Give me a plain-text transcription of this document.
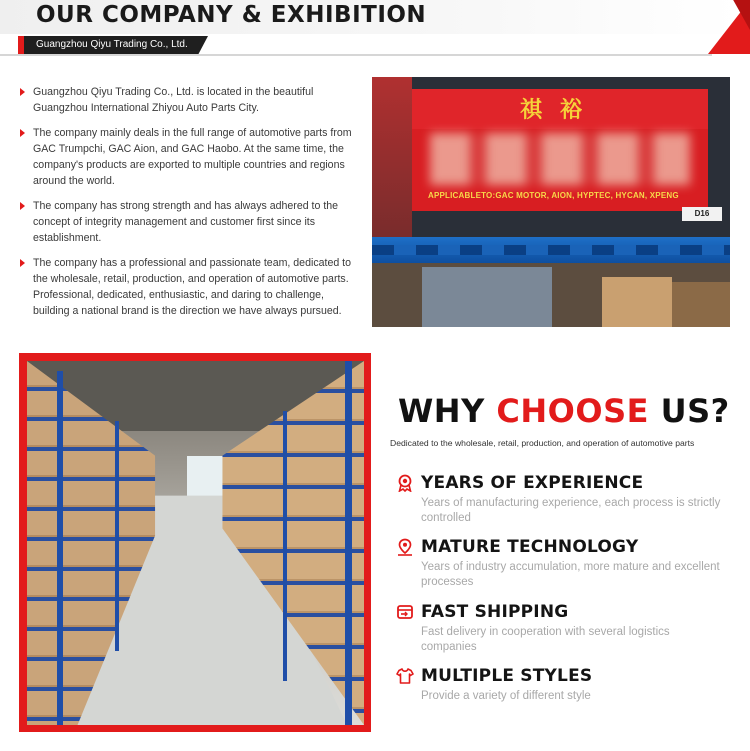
OUR COMPANY & EXHIBITION
Guangzhou Qiyu Trading Co., Ltd.
Guangzhou Qiyu Trading Co., Ltd. is located in the beautiful Guangzhou International Zhiyou Auto Parts City.
The company mainly deals in the full range of automotive parts from GAC Trumpchi, GAC Aion, and GAC Haobo. At the same time, the company's products are exported to multiple countries and regions around the world.
The company has strong strength and has always adhered to the concept of integrity management and customer first since its establishment.
The company has a professional and passionate team, dedicated to the wholesale, retail, production, and operation of automotive parts. Professional, dedicated, enthusiastic, and daring to challenge, building a national brand is the direction we have always pursued.
祺裕
APPLICABLETO:GAC MOTOR, AION, HYPTEC, HYCAN, XPENG
D16
WHY CHOOSE US?
Dedicated to the wholesale, retail, production, and operation of automotive parts
YEARS OF EXPERIENCE
Years of manufacturing experience, each process is strictly controlled
MATURE TECHNOLOGY
Years of industry accumulation, more mature and excellent processes
FAST SHIPPING
Fast delivery in cooperation with several logistics companies
MULTIPLE STYLES
Provide a variety of different style
